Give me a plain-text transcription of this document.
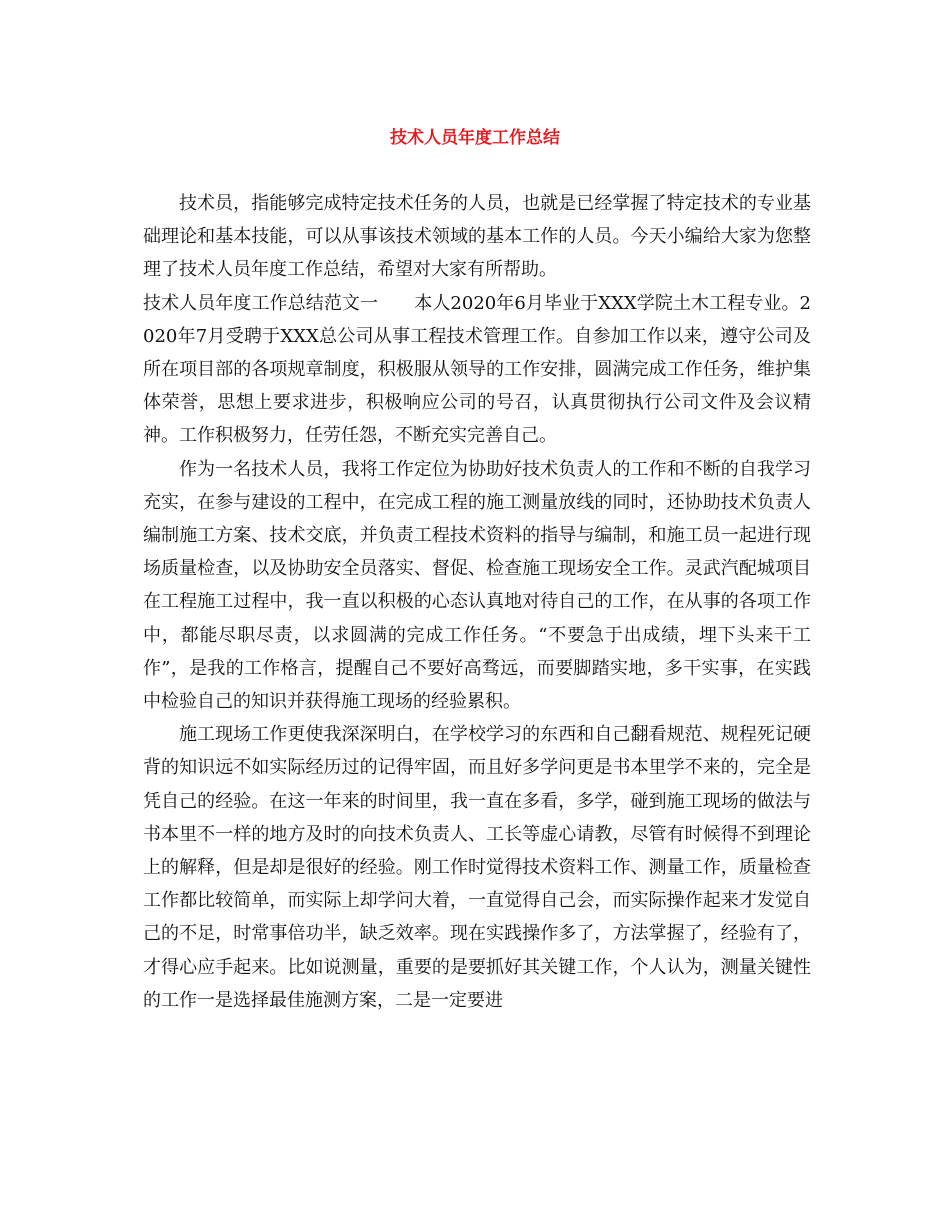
技术人员年度工作总结

技术员，指能够完成特定技术任务的人员，也就是已经掌握了特定技术的专业基础理论和基本技能，可以从事该技术领域的基本工作的人员。今天小编给大家为您整理了技术人员年度工作总结，希望对大家有所帮助。

技术人员年度工作总结范文一　　本人2020年6月毕业于XXX学院土木工程专业。2020年7月受聘于XXX总公司从事工程技术管理工作。自参加工作以来，遵守公司及所在项目部的各项规章制度，积极服从领导的工作安排，圆满完成工作任务，维护集体荣誉，思想上要求进步，积极响应公司的号召，认真贯彻执行公司文件及会议精神。工作积极努力，任劳任怨，不断充实完善自己。

作为一名技术人员，我将工作定位为协助好技术负责人的工作和不断的自我学习充实，在参与建设的工程中，在完成工程的施工测量放线的同时，还协助技术负责人编制施工方案、技术交底，并负责工程技术资料的指导与编制，和施工员一起进行现场质量检查，以及协助安全员落实、督促、检查施工现场安全工作。灵武汽配城项目在工程施工过程中，我一直以积极的心态认真地对待自己的工作，在从事的各项工作中，都能尽职尽责，以求圆满的完成工作任务。“不要急于出成绩，埋下头来干工作”，是我的工作格言，提醒自己不要好高骛远，而要脚踏实地，多干实事，在实践中检验自己的知识并获得施工现场的经验累积。

施工现场工作更使我深深明白，在学校学习的东西和自己翻看规范、规程死记硬背的知识远不如实际经历过的记得牢固，而且好多学问更是书本里学不来的，完全是凭自己的经验。在这一年来的时间里，我一直在多看，多学，碰到施工现场的做法与书本里不一样的地方及时的向技术负责人、工长等虚心请教，尽管有时候得不到理论上的解释，但是却是很好的经验。刚工作时觉得技术资料工作、测量工作，质量检查工作都比较简单，而实际上却学问大着，一直觉得自己会，而实际操作起来才发觉自己的不足，时常事倍功半，缺乏效率。现在实践操作多了，方法掌握了，经验有了，才得心应手起来。比如说测量，重要的是要抓好其关键工作，个人认为，测量关键性的工作一是选择最佳施测方案，二是一定要进
